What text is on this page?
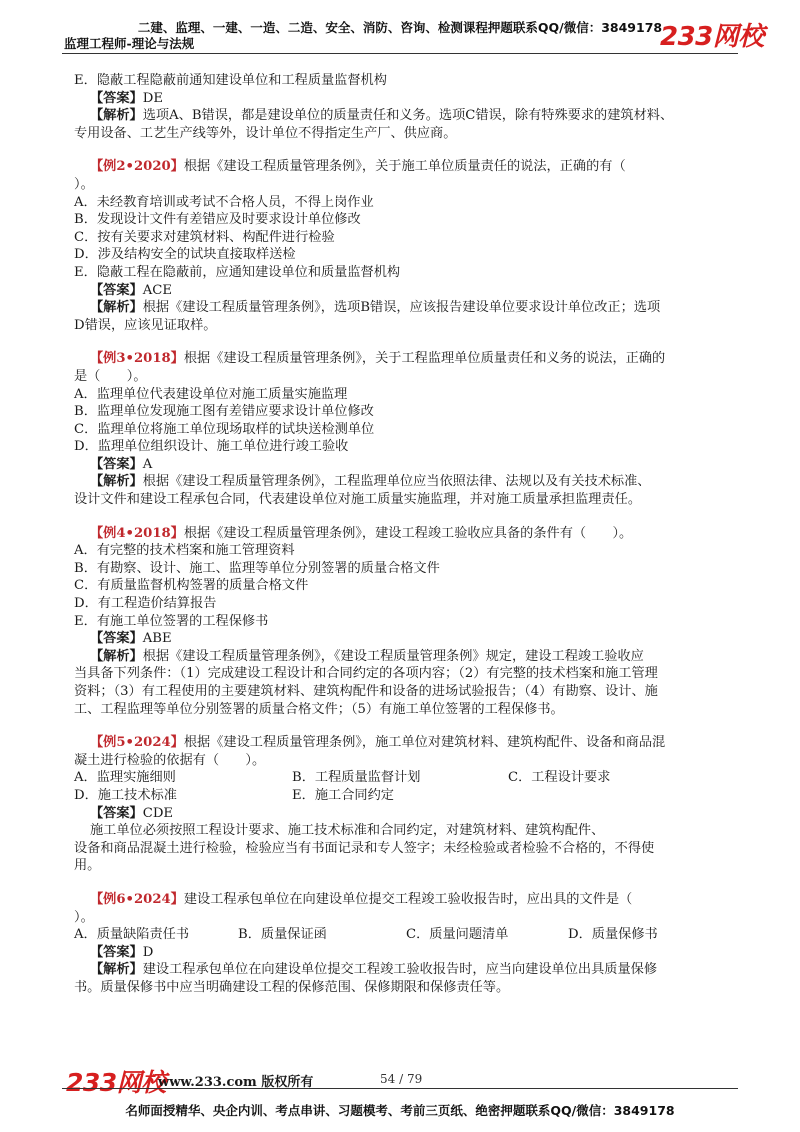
二建、监理、一建、一造、二造、安全、消防、咨询、检测课程押题联系QQ/微信：3849178
监理工程师-理论与法规	233网校
E．隐蔽工程隐蔽前通知建设单位和工程质量监督机构
【答案】DE
【解析】选项A、B错误，都是建设单位的质量责任和义务。选项C错误，除有特殊要求的建筑材料、
专用设备、工艺生产线等外，设计单位不得指定生产厂、供应商。
【例2•2020】根据《建设工程质量管理条例》，关于施工单位质量责任的说法，正确的有（
）。
A．未经教育培训或考试不合格人员，不得上岗作业
B．发现设计文件有差错应及时要求设计单位修改
C．按有关要求对建筑材料、构配件进行检验
D．涉及结构安全的试块直接取样送检
E．隐蔽工程在隐蔽前，应通知建设单位和质量监督机构
【答案】ACE
【解析】根据《建设工程质量管理条例》，选项B错误，应该报告建设单位要求设计单位改正；选项
D错误，应该见证取样。
【例3•2018】根据《建设工程质量管理条例》，关于工程监理单位质量责任和义务的说法，正确的
是（　　）。
A．监理单位代表建设单位对施工质量实施监理
B．监理单位发现施工图有差错应要求设计单位修改
C．监理单位将施工单位现场取样的试块送检测单位
D．监理单位组织设计、施工单位进行竣工验收
【答案】A
【解析】根据《建设工程质量管理条例》，工程监理单位应当依照法律、法规以及有关技术标准、
设计文件和建设工程承包合同，代表建设单位对施工质量实施监理，并对施工质量承担监理责任。
【例4•2018】根据《建设工程质量管理条例》，建设工程竣工验收应具备的条件有（　　）。
A．有完整的技术档案和施工管理资料
B．有勘察、设计、施工、监理等单位分别签署的质量合格文件
C．有质量监督机构签署的质量合格文件
D．有工程造价结算报告
E．有施工单位签署的工程保修书
【答案】ABE
【解析】根据《建设工程质量管理条例》，《建设工程质量管理条例》规定，建设工程竣工验收应
当具备下列条件：（1）完成建设工程设计和合同约定的各项内容；（2）有完整的技术档案和施工管理
资料；（3）有工程使用的主要建筑材料、建筑构配件和设备的进场试验报告；（4）有勘察、设计、施
工、工程监理等单位分别签署的质量合格文件；（5）有施工单位签署的工程保修书。
【例5•2024】根据《建设工程质量管理条例》，施工单位对建筑材料、建筑构配件、设备和商品混
凝土进行检验的依据有（　　）。
A．监理实施细则	B．工程质量监督计划	C．工程设计要求
D．施工技术标准	E．施工合同约定
【答案】CDE
施工单位必须按照工程设计要求、施工技术标准和合同约定，对建筑材料、建筑构配件、
设备和商品混凝土进行检验，检验应当有书面记录和专人签字；未经检验或者检验不合格的，不得使
用。
【例6•2024】建设工程承包单位在向建设单位提交工程竣工验收报告时，应出具的文件是（
）。
A．质量缺陷责任书	B．质量保证函	C．质量问题清单	D．质量保修书
【答案】D
【解析】建设工程承包单位在向建设单位提交工程竣工验收报告时，应当向建设单位出具质量保修
书。质量保修书中应当明确建设工程的保修范围、保修期限和保修责任等。
233网校
www.233.com 版权所有	54 / 79
名师面授精华、央企内训、考点串讲、习题模考、考前三页纸、绝密押题联系QQ/微信：3849178
